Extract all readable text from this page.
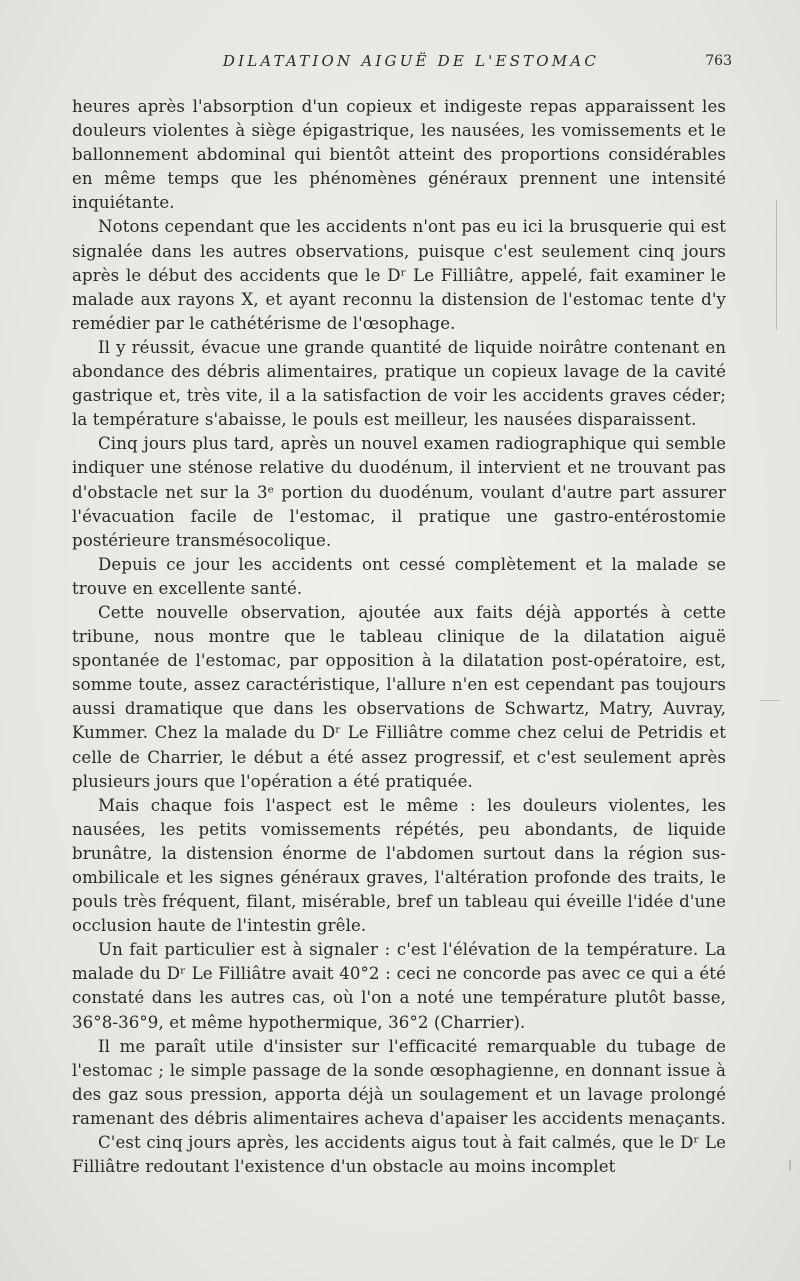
DILATATION AIGUË DE L'ESTOMAC	763

heures après l'absorption d'un copieux et indigeste repas apparaissent les douleurs violentes à siège épigastrique, les nausées, les vomissements et le ballonnement abdominal qui bientôt atteint des proportions considérables en même temps que les phénomènes généraux prennent une intensité inquiétante.

Notons cependant que les accidents n'ont pas eu ici la brusquerie qui est signalée dans les autres observations, puisque c'est seulement cinq jours après le début des accidents que le Dʳ Le Filliâtre, appelé, fait examiner le malade aux rayons X, et ayant reconnu la distension de l'estomac tente d'y remédier par le cathétérisme de l'œsophage.

Il y réussit, évacue une grande quantité de liquide noirâtre contenant en abondance des débris alimentaires, pratique un copieux lavage de la cavité gastrique et, très vite, il a la satisfaction de voir les accidents graves céder; la température s'abaisse, le pouls est meilleur, les nausées disparaissent.

Cinq jours plus tard, après un nouvel examen radiographique qui semble indiquer une sténose relative du duodénum, il intervient et ne trouvant pas d'obstacle net sur la 3ᵉ portion du duodénum, voulant d'autre part assurer l'évacuation facile de l'estomac, il pratique une gastro-entérostomie postérieure transmésocolique.

Depuis ce jour les accidents ont cessé complètement et la malade se trouve en excellente santé.

Cette nouvelle observation, ajoutée aux faits déjà apportés à cette tribune, nous montre que le tableau clinique de la dilatation aiguë spontanée de l'estomac, par opposition à la dilatation post-opératoire, est, somme toute, assez caractéristique, l'allure n'en est cependant pas toujours aussi dramatique que dans les observations de Schwartz, Matry, Auvray, Kummer. Chez la malade du Dʳ Le Filliâtre comme chez celui de Petridis et celle de Charrier, le début a été assez progressif, et c'est seulement après plusieurs jours que l'opération a été pratiquée.

Mais chaque fois l'aspect est le même : les douleurs violentes, les nausées, les petits vomissements répétés, peu abondants, de liquide brunâtre, la distension énorme de l'abdomen surtout dans la région sus-ombilicale et les signes généraux graves, l'altération profonde des traits, le pouls très fréquent, filant, misérable, bref un tableau qui éveille l'idée d'une occlusion haute de l'intestin grêle.

Un fait particulier est à signaler : c'est l'élévation de la température. La malade du Dʳ Le Filliâtre avait 40°2 : ceci ne concorde pas avec ce qui a été constaté dans les autres cas, où l'on a noté une température plutôt basse, 36°8-36°9, et même hypothermique, 36°2 (Charrier).

Il me paraît utile d'insister sur l'efficacité remarquable du tubage de l'estomac ; le simple passage de la sonde œsophagienne, en donnant issue à des gaz sous pression, apporta déjà un soulagement et un lavage prolongé ramenant des débris alimentaires acheva d'apaiser les accidents menaçants.

C'est cinq jours après, les accidents aigus tout à fait calmés, que le Dʳ Le Filliâtre redoutant l'existence d'un obstacle au moins incomplet
